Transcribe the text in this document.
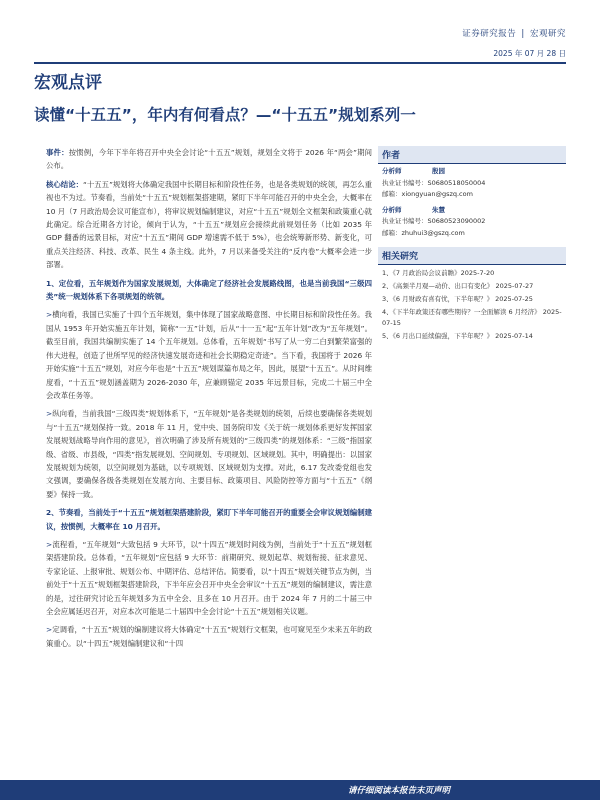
证券研究报告 | 宏观研究
2025 年 07 月 28 日
宏观点评
读懂“十五五”，年内有何看点？—“十五五”规划系列一

事件：按惯例，今年下半年将召开中央全会讨论“十五五”规划，规划全文将于 2026 年“两会”期间公布。

核心结论：“十五五”规划将大体确定我国中长期目标和阶段性任务，也是各类规划的统领，再怎么重视也不为过。节奏看，当前处“十五五”规划框架搭建期，紧盯下半年可能召开的中央全会，大概率在 10 月（7 月政治局会议可能宣布），将审议规划编制建议，对应“十五五”规划全文框架和政策重心就此确定。综合近期各方讨论，倾向于认为，“十五五”规划应会接续此前规划任务（比如 2035 年 GDP 翻番的远景目标，对应“十五五”期间 GDP 增速需不低于 5%），也会统筹新形势、新变化，可重点关注经济、科技、改革、民生 4 条主线。此外，7 月以来备受关注的“反内卷”大概率会进一步部署。

1、定位看，五年规划作为国家发展规划，大体确定了经济社会发展路线图，也是当前我国“三级四类”统一规划体系下各项规划的统领。

>横向看，我国已实施了十四个五年规划，集中体现了国家战略意图、中长期目标和阶段性任务。我国从 1953 年开始实施五年计划，简称“一五”计划，后从“十一五”起“五年计划”改为“五年规划”。截至目前，我国共编制实施了 14 个五年规划。总体看，五年规划“书写了从一穷二白到繁荣富强的伟大进程，创造了世所罕见的经济快速发展奇迹和社会长期稳定奇迹”。当下看，我国将于 2026 年开始实施“十五五”规划，对应今年也是“十五五”规划谋篇布局之年，因此，展望“十五五”。从时间维度看，“十五五”规划涵盖期为 2026-2030 年，应兼顾锚定 2035 年远景目标，完成二十届三中全会改革任务等。

>纵向看，当前我国“三级四类”规划体系下，“五年规划”是各类规划的统领，后续也要确保各类规划与“十五五”规划保持一致。2018 年 11 月，党中央、国务院印发《关于统一规划体系更好发挥国家发展规划战略导向作用的意见》，首次明确了涉及所有规划的“三级四类”的规划体系：“三级”指国家级、省级、市县级，“四类”指发展规划、空间规划、专项规划、区域规划。其中，明确提出：以国家发展规划为统领，以空间规划为基础，以专项规划、区域规划为支撑。对此，6.17 发改委党组也发文强调，要确保各级各类规划在发展方向、主要目标、政策项目、风险防控等方面与“十五五”《纲要》保持一致。

2、节奏看，当前处于“十五五”规划框架搭建阶段，紧盯下半年可能召开的重要全会审议规划编制建议，按惯例，大概率在 10 月召开。

>流程看，“五年规划”大致包括 9 大环节，以“十四五”规划时间线为例，当前处于“十五五”规划框架搭建阶段。总体看，“五年规划”应包括 9 大环节：前期研究、规划起草、规划衔接、征求意见、专家论证、上报审批、规划公布、中期评估、总结评估。简要看，以“十四五”规划关键节点为例，当前处于“十五五”规划框架搭建阶段，下半年应会召开中央全会审议“十五五”规划的编制建议，需注意的是，过往研究讨论五年规划多为五中全会、且多在 10 月召开。由于 2024 年 7 月的二十届三中全会应属延迟召开，对应本次可能是二十届四中全会讨论“十五五”规划相关议题。

>定调看，“十五五”规划的编制建议将大体确定“十五五”规划行文框架，也可窥见至少未来五年的政策重心。以“十四五”规划编制建议和“十四

作者
分析师	殷园
执业证书编号：S0680518050004
邮箱：xiongyuan@gszq.com
分析师	朱慧
执业证书编号：S0680523090002
邮箱：zhuhui3@gszq.com
相关研究
1、《7 月政治局会议前瞻》2025-7-20
2、《高频半月观—动价、出口有变化》 2025-07-27
3、《6 月财政有喜有忧，下半年呢？》 2025-07-25
4、《下半年政策还有哪些期待？一全面解读 6 月经济》 2025-07-15
5、《6 月出口延续偏强，下半年呢？》 2025-07-14
请仔细阅读本报告末页声明
